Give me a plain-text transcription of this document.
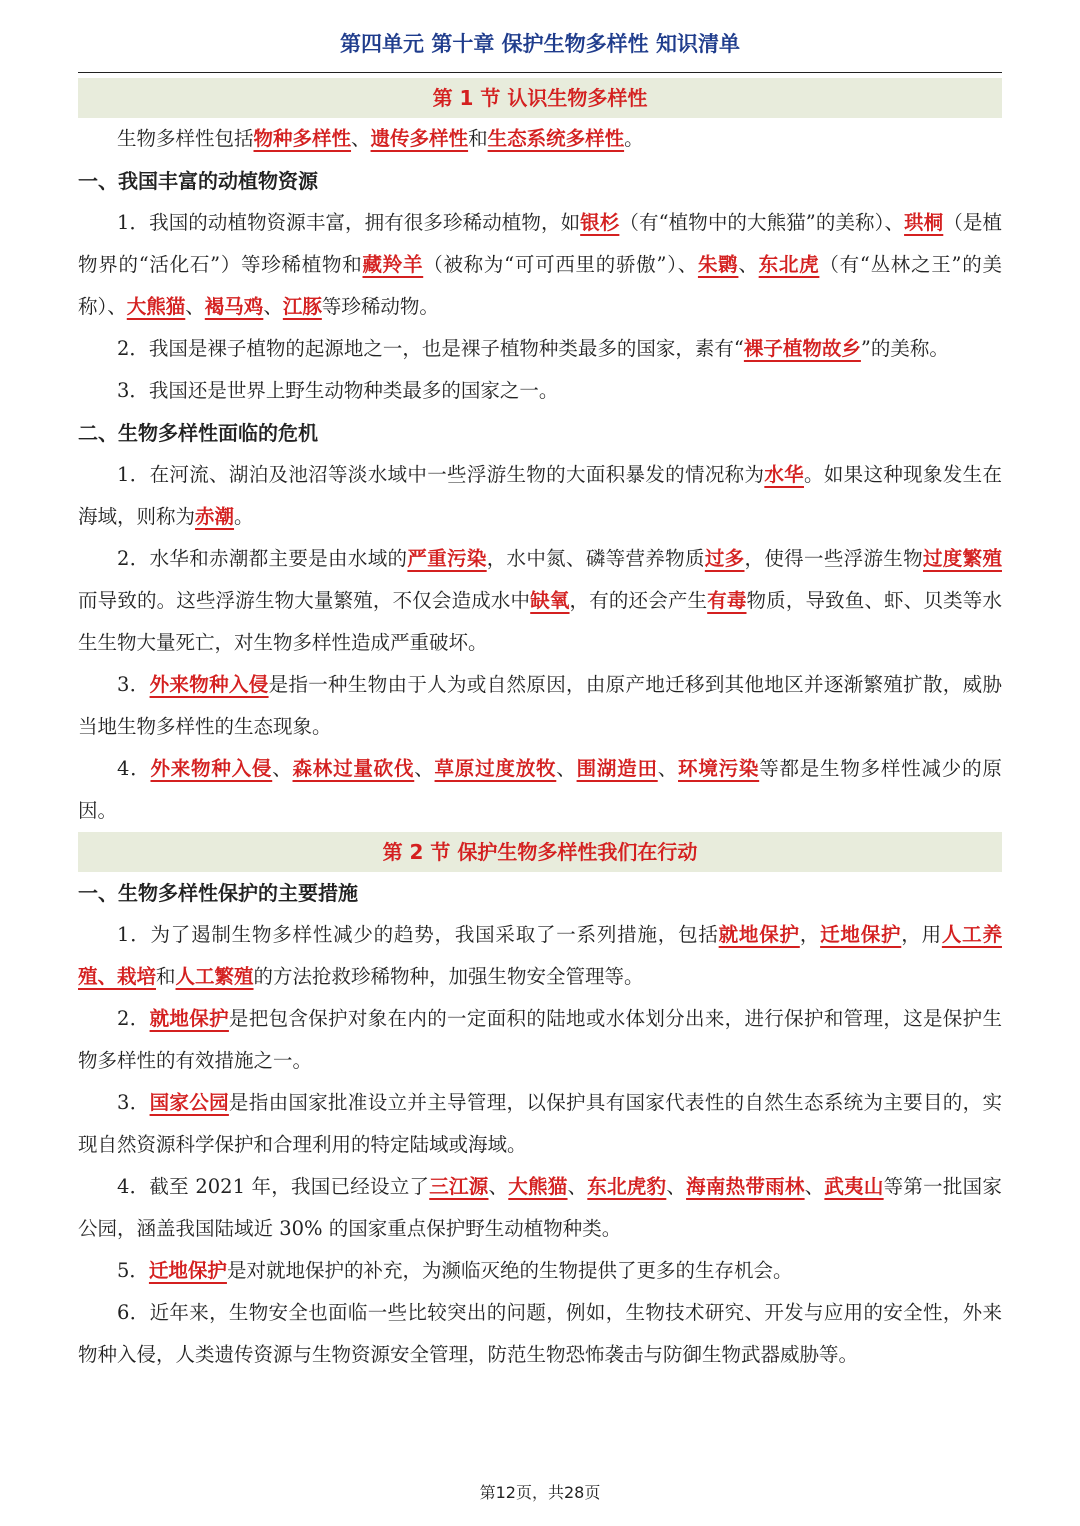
第四单元 第十章 保护生物多样性 知识清单
第 1 节 认识生物多样性

生物多样性包括物种多样性、遗传多样性和生态系统多样性。

一、我国丰富的动植物资源

1．我国的动植物资源丰富，拥有很多珍稀动植物，如银杉（有“植物中的大熊猫”的美称）、珙桐（是植物界的“活化石”）等珍稀植物和藏羚羊（被称为“可可西里的骄傲”）、朱鹮、东北虎（有“丛林之王”的美称）、大熊猫、褐马鸡、江豚等珍稀动物。

2．我国是裸子植物的起源地之一，也是裸子植物种类最多的国家，素有“裸子植物故乡”的美称。

3．我国还是世界上野生动物种类最多的国家之一。

二、生物多样性面临的危机

1．在河流、湖泊及池沼等淡水域中一些浮游生物的大面积暴发的情况称为水华。如果这种现象发生在海域，则称为赤潮。

2．水华和赤潮都主要是由水域的严重污染，水中氮、磷等营养物质过多，使得一些浮游生物过度繁殖而导致的。这些浮游生物大量繁殖，不仅会造成水中缺氧，有的还会产生有毒物质，导致鱼、虾、贝类等水生生物大量死亡，对生物多样性造成严重破坏。

3．外来物种入侵是指一种生物由于人为或自然原因，由原产地迁移到其他地区并逐渐繁殖扩散，威胁当地生物多样性的生态现象。

4．外来物种入侵、森林过量砍伐、草原过度放牧、围湖造田、环境污染等都是生物多样性减少的原因。

第 2 节 保护生物多样性我们在行动
一、生物多样性保护的主要措施

1．为了遏制生物多样性减少的趋势，我国采取了一系列措施，包括就地保护，迁地保护，用人工养殖、栽培和人工繁殖的方法抢救珍稀物种，加强生物安全管理等。

2．就地保护是把包含保护对象在内的一定面积的陆地或水体划分出来，进行保护和管理，这是保护生物多样性的有效措施之一。

3．国家公园是指由国家批准设立并主导管理，以保护具有国家代表性的自然生态系统为主要目的，实现自然资源科学保护和合理利用的特定陆域或海域。

4．截至 2021 年，我国已经设立了三江源、大熊猫、东北虎豹、海南热带雨林、武夷山等第一批国家公园，涵盖我国陆域近 30% 的国家重点保护野生动植物种类。

5．迁地保护是对就地保护的补充，为濒临灭绝的生物提供了更多的生存机会。

6．近年来，生物安全也面临一些比较突出的问题，例如，生物技术研究、开发与应用的安全性，外来物种入侵，人类遗传资源与生物资源安全管理，防范生物恐怖袭击与防御生物武器威胁等。

第12页，共28页
